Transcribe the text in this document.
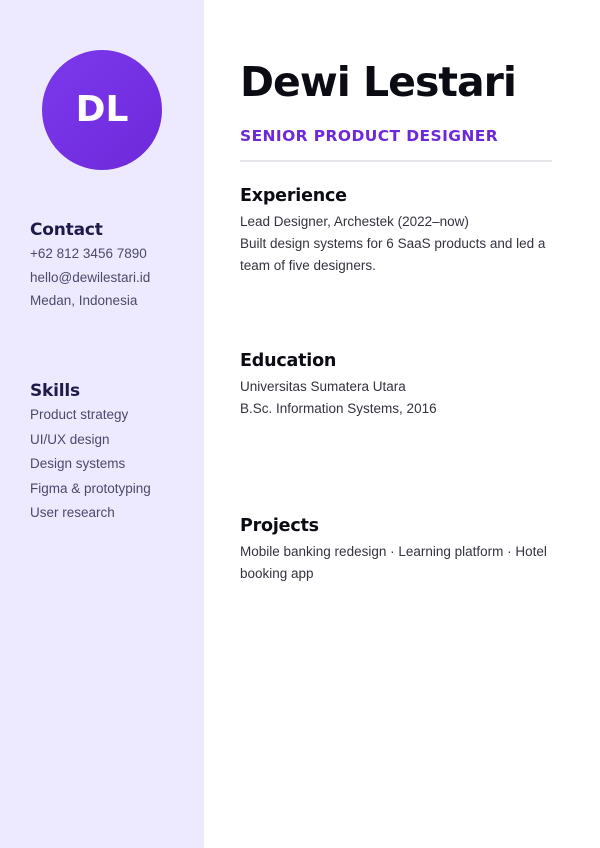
DL
Contact
+62 812 3456 7890
hello@dewilestari.id
Medan, Indonesia
Skills
Product strategy
UI/UX design
Design systems
Figma & prototyping
User research
Dewi Lestari
SENIOR PRODUCT DESIGNER
Experience
Lead Designer, Archestek (2022–now)
Built design systems for 6 SaaS products and led a team of five designers.
Education
Universitas Sumatera Utara
B.Sc. Information Systems, 2016
Projects
Mobile banking redesign · Learning platform · Hotel booking app
